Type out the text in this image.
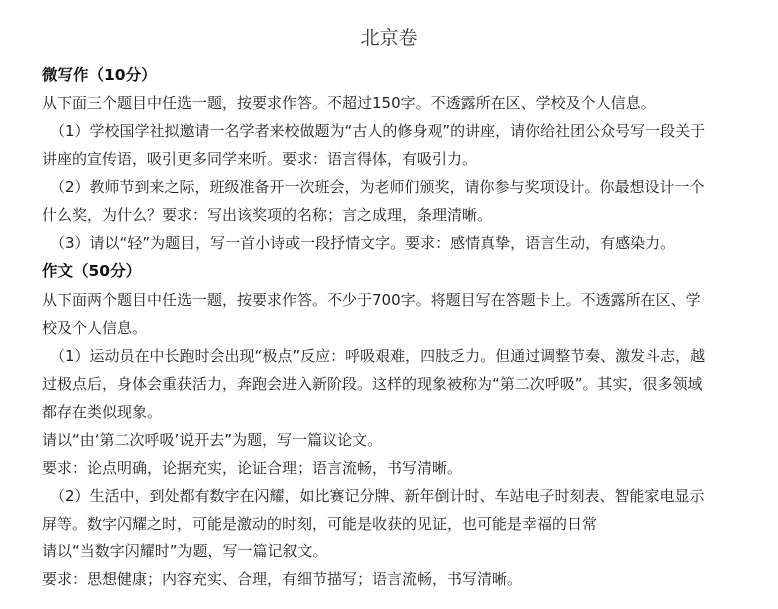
北京卷
微写作（10分）
从下面三个题目中任选一题，按要求作答。不超过150字。不透露所在区、学校及个人信息。
（1）学校国学社拟邀请一名学者来校做题为“古人的修身观”的讲座，请你给社团公众号写一段关于
讲座的宣传语，吸引更多同学来听。要求：语言得体，有吸引力。
（2）教师节到来之际，班级准备开一次班会，为老师们颁奖，请你参与奖项设计。你最想设计一个
什么奖，为什么？要求：写出该奖项的名称；言之成理，条理清晰。
（3）请以“轻”为题目，写一首小诗或一段抒情文字。要求：感情真挚，语言生动，有感染力。
作文（50分）
从下面两个题目中任选一题，按要求作答。不少于700字。将题目写在答题卡上。不透露所在区、学
校及个人信息。
（1）运动员在中长跑时会出现“极点”反应：呼吸艰难，四肢乏力。但通过调整节奏、激发斗志，越
过极点后，身体会重获活力，奔跑会进入新阶段。这样的现象被称为“第二次呼吸”。其实，很多领域
都存在类似现象。
请以“由‘第二次呼吸’说开去”为题，写一篇议论文。
要求：论点明确，论据充实，论证合理；语言流畅，书写清晰。
（2）生活中，到处都有数字在闪耀，如比赛记分牌、新年倒计时、车站电子时刻表、智能家电显示
屏等。数字闪耀之时，可能是激动的时刻，可能是收获的见证，也可能是幸福的日常
请以“当数字闪耀时”为题，写一篇记叙文。
要求：思想健康；内容充实、合理，有细节描写；语言流畅，书写清晰。
